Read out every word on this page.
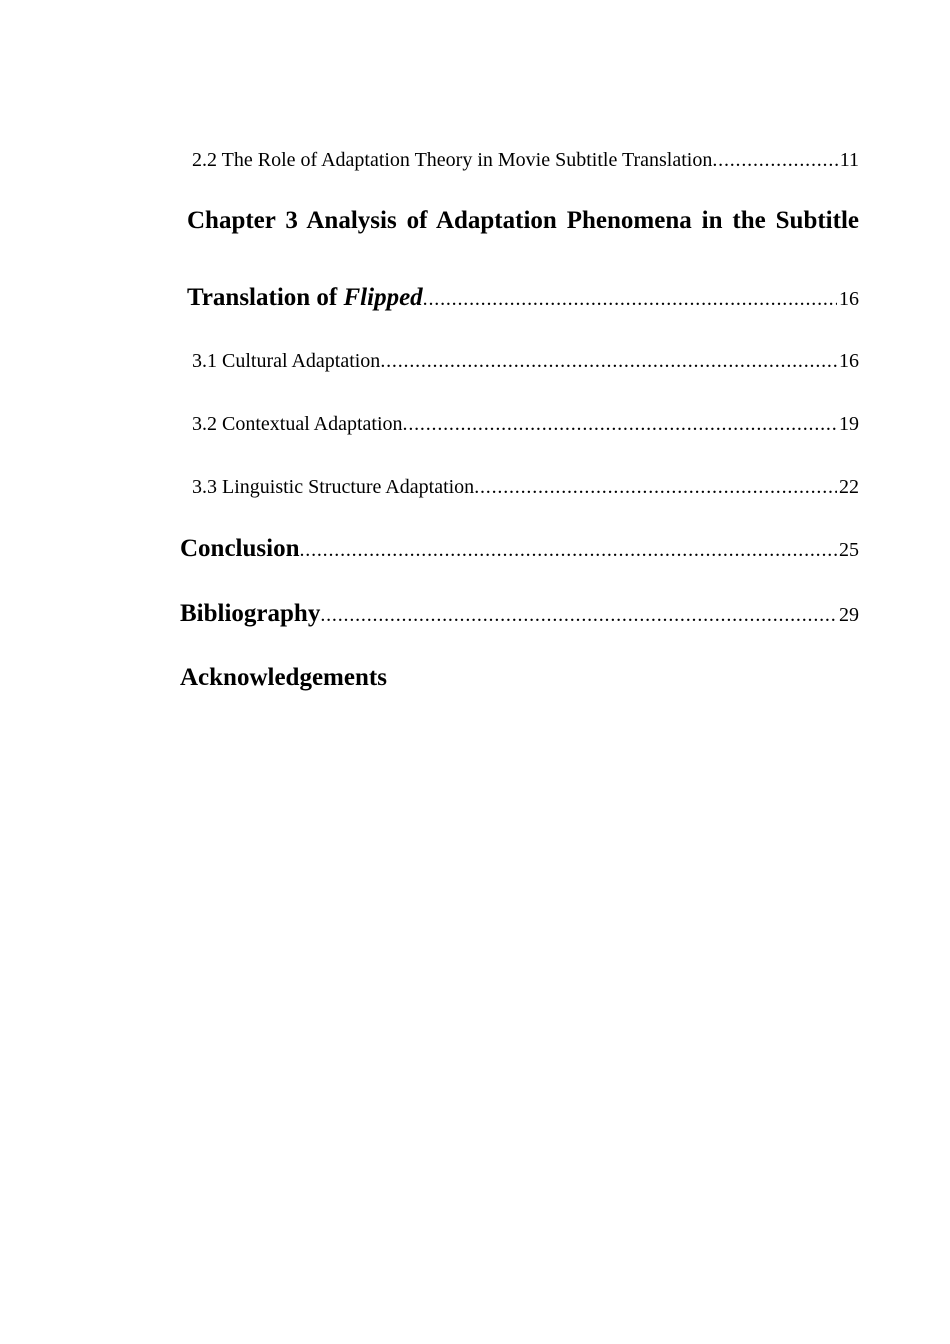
2.2 The Role of Adaptation Theory in Movie Subtitle Translation . . .	11
Chapter 3 Analysis of Adaptation Phenomena in the Subtitle
Translation of Flipped . . .	16
3.1 Cultural Adaptation . . .	16
3.2 Contextual Adaptation . . .	19
3.3 Linguistic Structure Adaptation . . .	22
Conclusion . . .	25
Bibliography . . .	29
Acknowledgements
